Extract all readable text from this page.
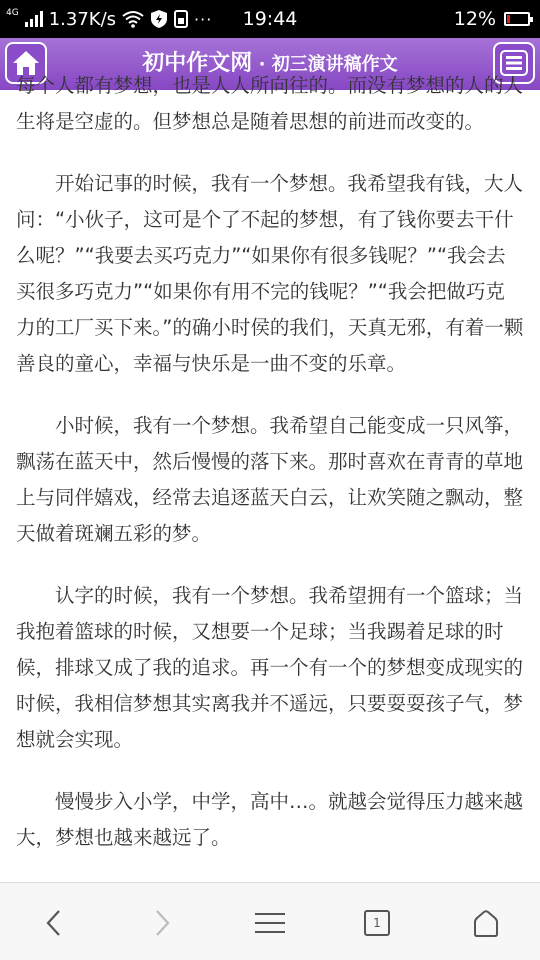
4G 1.37K/s	···	19:44	12%
初中作文网 · 初三演讲稿作文

每个人都有梦想，也是人人所向往的。而没有梦想的人的人生将是空虚的。但梦想总是随着思想的前进而改变的。

开始记事的时候，我有一个梦想。我希望我有钱，大人问：“小伙子，这可是个了不起的梦想，有了钱你要去干什么呢？”“我要去买巧克力”“如果你有很多钱呢？”“我会去买很多巧克力”“如果你有用不完的钱呢？”“我会把做巧克力的工厂买下来。”的确小时侯的我们，天真无邪，有着一颗善良的童心，幸福与快乐是一曲不变的乐章。

小时候，我有一个梦想。我希望自己能变成一只风筝，飘荡在蓝天中，然后慢慢的落下来。那时喜欢在青青的草地上与同伴嬉戏，经常去追逐蓝天白云，让欢笑随之飘动，整天做着斑斓五彩的梦。

认字的时候，我有一个梦想。我希望拥有一个篮球；当我抱着篮球的时候，又想要一个足球；当我踢着足球的时候，排球又成了我的追求。再一个有一个的梦想变成现实的时候，我相信梦想其实离我并不遥远，只要耍耍孩子气，梦想就会实现。

慢慢步入小学，中学，高中…。就越会觉得压力越来越大，梦想也越来越远了。

1
